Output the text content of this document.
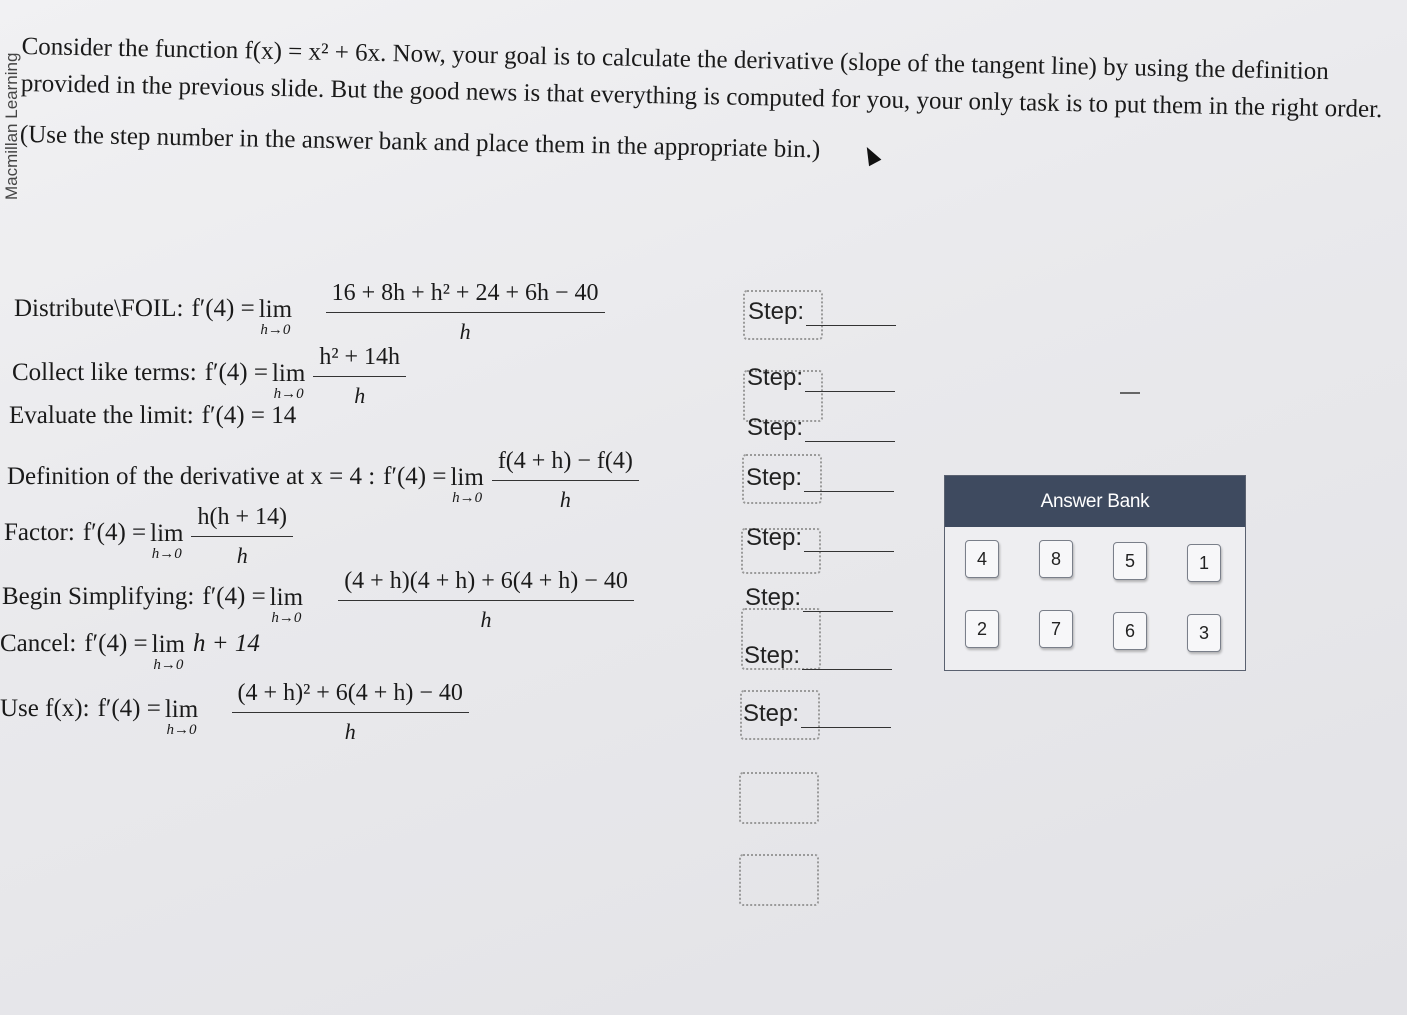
Macmillan Learning Consider the function f(x) = x² + 6x. Now, your goal is to calculate the derivative (slope of the tangent line) by using the definition provided in the previous slide. But the good news is that everything is computed for you, your only task is to put them in the right order.

(Use the step number in the answer bank and place them in the appropriate bin.)

Distribute\FOIL: f′(4) = lim
$h\to 0 \frac{\text{16 + 8h + h² + 24 + 6h − 40}}{h}$
Collect like terms: f′(4) = lim
$h\to 0 \frac{\text{h² + 14h}}{h}$
Evaluate the limit: f′(4) = 14
Definition of the derivative at x = 4 : f′(4) = lim
$h\to 0 \frac{f(4 + h) - f(4)}{h}$
Factor: f′(4) = lim
$h\to 0 \frac{h(h + 14)}{h}$
Begin Simplifying: f′(4) = lim
$h\to 0 \frac{(4 + h)(4 + h) + 6(4 + h) - 40}{h}$
Cancel: f′(4) = lim
h→0
h + 14
Use f(x): f′(4) = lim
$h\to 0 \frac{\text{(4 + h)² + 6(4 + h) − 40}}{h}$
Step:
Step:
Step:
Step:
Step:
Step:
Step:
Step:
Answer Bank
4	8	5	1
2	7	6	3
